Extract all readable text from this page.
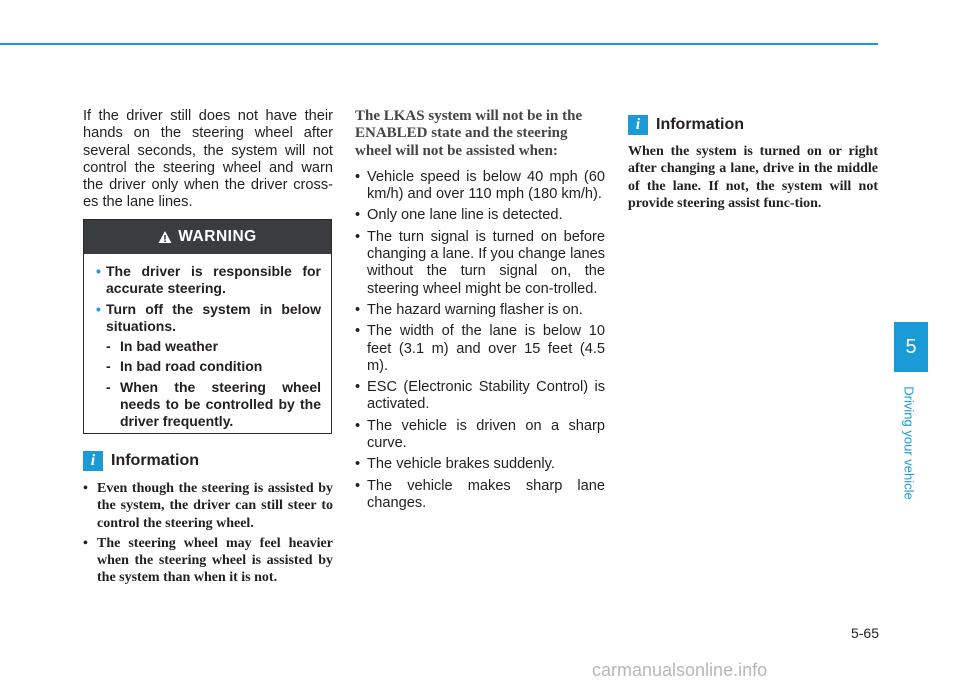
If the driver still does not have their hands on the steering wheel after several seconds, the system will not control the steering wheel and warn the driver only when the driver cross-es the lane lines.

WARNING
• The driver is responsible for accurate steering.
• Turn off the system in below situations.
- In bad weather
- In bad road condition
- When the steering wheel needs to be controlled by the driver frequently.
i Information
• Even though the steering is assisted by the system, the driver can still steer to control the steering wheel.
• The steering wheel may feel heavier when the steering wheel is assisted by the system than when it is not.

The LKAS system will not be in the ENABLED state and the steering wheel will not be assisted when:

• Vehicle speed is below 40 mph (60 km/h) and over 110 mph (180 km/h).
• Only one lane line is detected.
• The turn signal is turned on before changing a lane. If you change lanes without the turn signal on, the steering wheel might be con-trolled.
• The hazard warning flasher is on.
• The width of the lane is below 10 feet (3.1 m) and over 15 feet (4.5 m).
• ESC (Electronic Stability Control) is activated.
• The vehicle is driven on a sharp curve.
• The vehicle brakes suddenly.
• The vehicle makes sharp lane changes.
i Information
When the system is turned on or right after changing a lane, drive in the middle of the lane. If not, the system will not provide steering assist func-tion.
5
Driving your vehicle
5-65
carmanualsonline.info
